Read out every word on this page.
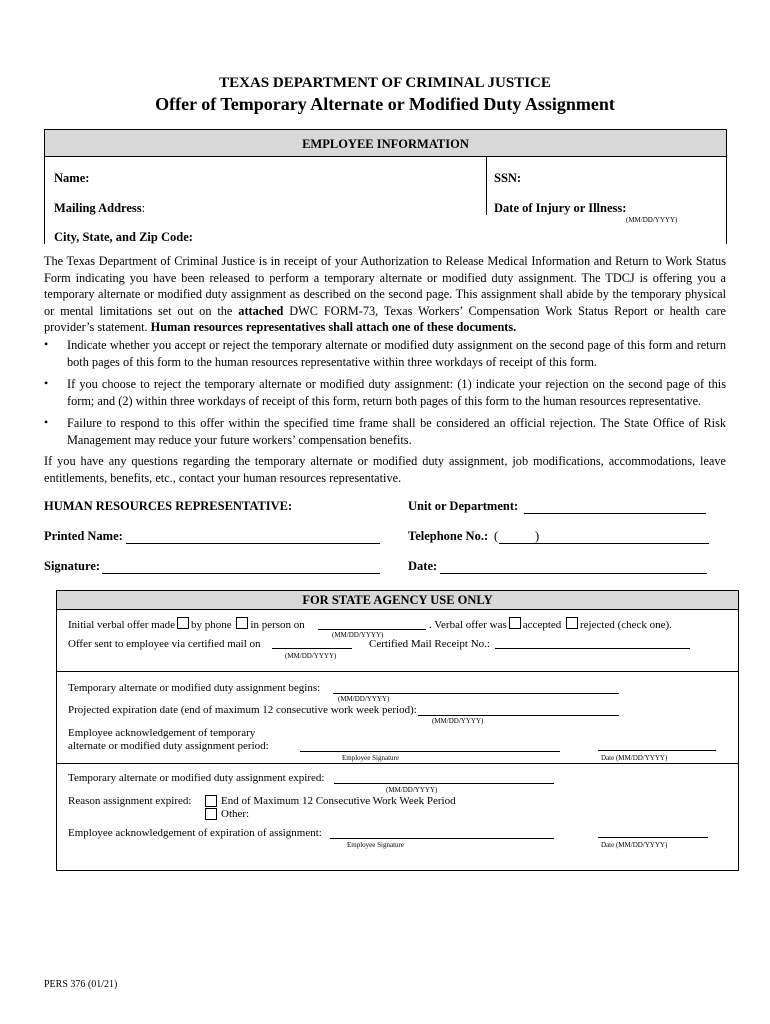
TEXAS DEPARTMENT OF CRIMINAL JUSTICE
Offer of Temporary Alternate or Modified Duty Assignment
EMPLOYEE INFORMATION
Name:	SSN:
Mailing Address:	Date of Injury or Illness:
(MM/DD/YYYY)
City, State, and Zip Code:
The Texas Department of Criminal Justice is in receipt of your Authorization to Release Medical Information and Return to Work Status Form indicating you have been released to perform a temporary alternate or modified duty assignment. The TDCJ is offering you a temporary alternate or modified duty assignment as described on the second page. This assignment shall abide by the temporary physical or mental limitations set out on the attached DWC FORM-73, Texas Workers’ Compensation Work Status Report or health care provider’s statement. Human resources representatives shall attach one of these documents.
• Indicate whether you accept or reject the temporary alternate or modified duty assignment on the second page of this form and return both pages of this form to the human resources representative within three workdays of receipt of this form.
• If you choose to reject the temporary alternate or modified duty assignment: (1) indicate your rejection on the second page of this form; and (2) within three workdays of receipt of this form, return both pages of this form to the human resources representative.
• Failure to respond to this offer within the specified time frame shall be considered an official rejection. The State Office of Risk Management may reduce your future workers’ compensation benefits.
If you have any questions regarding the temporary alternate or modified duty assignment, job modifications, accommodations, leave entitlements, benefits, etc., contact your human resources representative.
HUMAN RESOURCES REPRESENTATIVE:	Unit or Department:
Printed Name:	Telephone No.: (	)
Signature:	Date:
FOR STATE AGENCY USE ONLY
Initial verbal offer made by phone in person on
(MM/DD/YYYY)
. Verbal offer was accepted rejected (check one).
Offer sent to employee via certified mail on
(MM/DD/YYYY)
Certified Mail Receipt No.:
Temporary alternate or modified duty assignment begins:
(MM/DD/YYYY)
Projected expiration date (end of maximum 12 consecutive work week period):
(MM/DD/YYYY)
Employee acknowledgement of temporary
alternate or modified duty assignment period:
Employee Signature	Date (MM/DD/YYYY)
Temporary alternate or modified duty assignment expired:
(MM/DD/YYYY)
Reason assignment expired:	End of Maximum 12 Consecutive Work Week Period
Other:
Employee acknowledgement of expiration of assignment:
Employee Signature	Date (MM/DD/YYYY)
PERS 376 (01/21)
